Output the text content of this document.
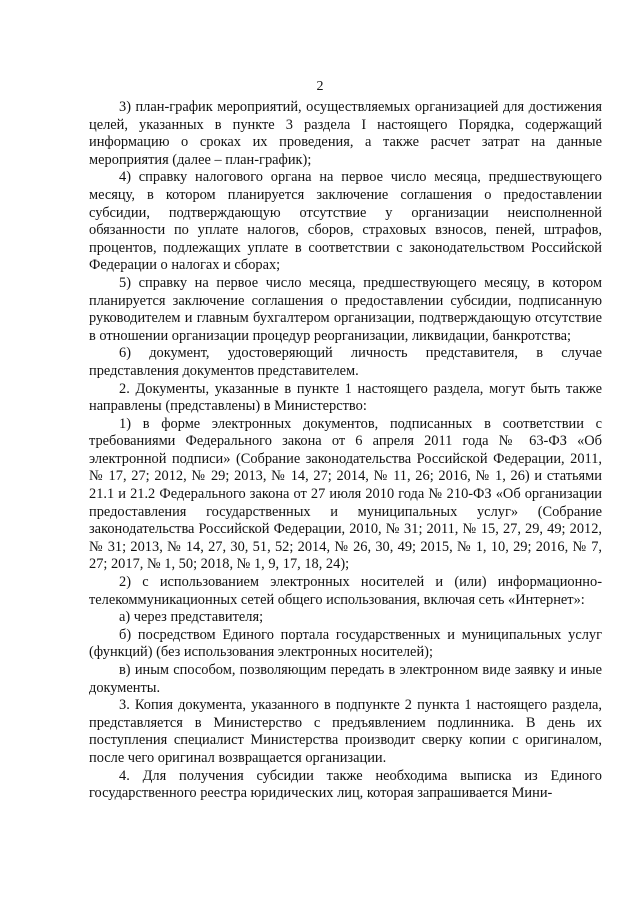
2

3) план-график мероприятий, осуществляемых организацией для достижения целей, указанных в пункте 3 раздела I настоящего Порядка, содержащий информацию о сроках их проведения, а также расчет затрат на данные мероприятия (далее – план-график);

4) справку налогового органа на первое число месяца, предшествующего месяцу, в котором планируется заключение соглашения о предоставлении субсидии, подтверждающую отсутствие у организации неисполненной обязанности по уплате налогов, сборов, страховых взносов, пеней, штрафов, процентов, подлежащих уплате в соответствии с законодательством Российской Федерации о налогах и сборах;

5) справку на первое число месяца, предшествующего месяцу, в котором планируется заключение соглашения о предоставлении субсидии, подписанную руководителем и главным бухгалтером организации, подтверждающую отсутствие в отношении организации процедур реорганизации, ликвидации, банкротства;

6) документ, удостоверяющий личность представителя, в случае представления документов представителем.

2. Документы, указанные в пункте 1 настоящего раздела, могут быть также направлены (представлены) в Министерство:

1) в форме электронных документов, подписанных в соответствии с требованиями Федерального закона от 6 апреля 2011 года № 63-ФЗ «Об электронной подписи» (Собрание законодательства Российской Федерации, 2011, № 17, 27; 2012, № 29; 2013, № 14, 27; 2014, № 11, 26; 2016, № 1, 26) и статьями 21.1 и 21.2 Федерального закона от 27 июля 2010 года № 210-ФЗ «Об организации предоставления государственных и муниципальных услуг» (Собрание законодательства Российской Федерации, 2010, № 31; 2011, № 15, 27, 29, 49; 2012, № 31; 2013, № 14, 27, 30, 51, 52; 2014, № 26, 30, 49; 2015, № 1, 10, 29; 2016, № 7, 27; 2017, № 1, 50; 2018, № 1, 9, 17, 18, 24);

2) с использованием электронных носителей и (или) информационно-телекоммуникационных сетей общего использования, включая сеть «Интернет»:

а) через представителя;

б) посредством Единого портала государственных и муниципальных услуг (функций) (без использования электронных носителей);

в) иным способом, позволяющим передать в электронном виде заявку и иные документы.

3. Копия документа, указанного в подпункте 2 пункта 1 настоящего раздела, представляется в Министерство с предъявлением подлинника. В день их поступления специалист Министерства производит сверку копии с оригиналом, после чего оригинал возвращается организации.

4. Для получения субсидии также необходима выписка из Единого государственного реестра юридических лиц, которая запрашивается Мини-
